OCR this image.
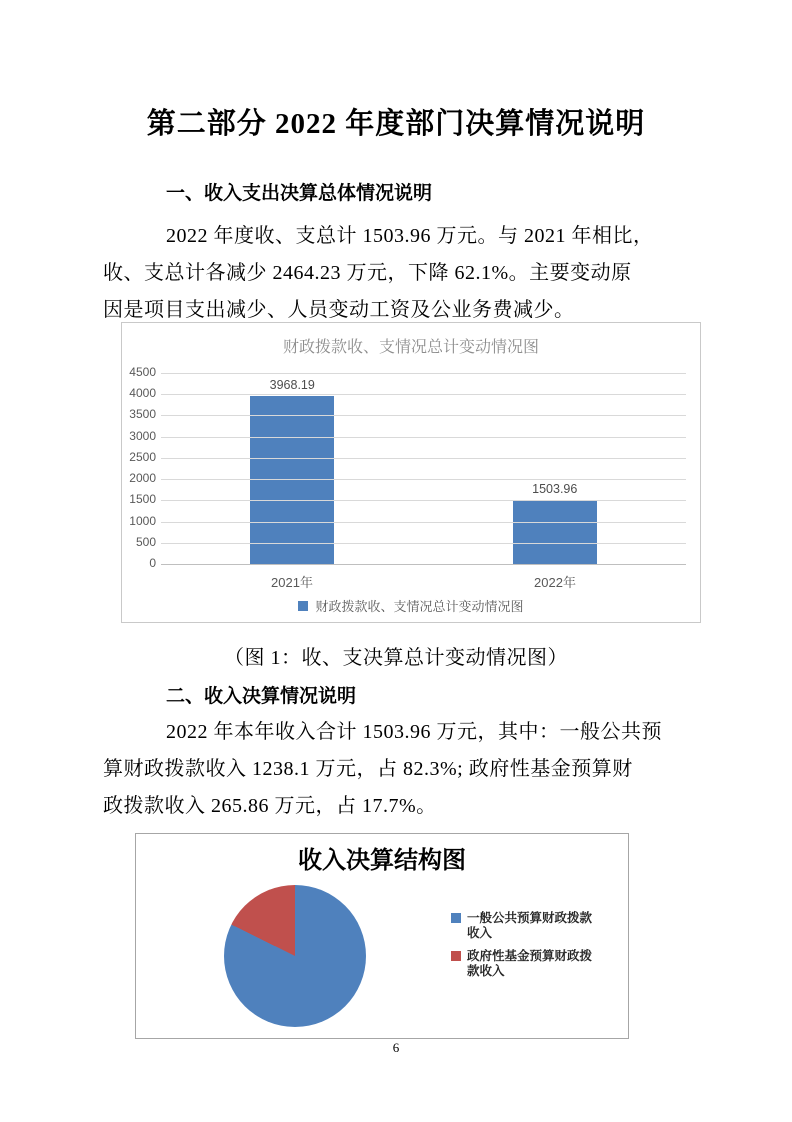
第二部分 2022 年度部门决算情况说明
一、收入支出决算总体情况说明
2022 年度收、支总计 1503.96 万元。与 2021 年相比，
收、支总计各减少 2464.23 万元，下降 62.1%。主要变动原
因是项目支出减少、人员变动工资及公业务费减少。
财政拨款收、支情况总计变动情况图
3968.19
1503.96
2021年	2022年
财政拨款收、支情况总计变动情况图
4500
4000
3500
3000
2500
2000
1500
1000
500
0
（图 1：收、支决算总计变动情况图）
二、收入决算情况说明
2022 年本年收入合计 1503.96 万元，其中：一般公共预
算财政拨款收入 1238.1 万元，占 82.3%; 政府性基金预算财
政拨款收入 265.86 万元，占 17.7%。
收入决算结构图
一般公共预算财政拨款收入
政府性基金预算财政拨款收入
6
